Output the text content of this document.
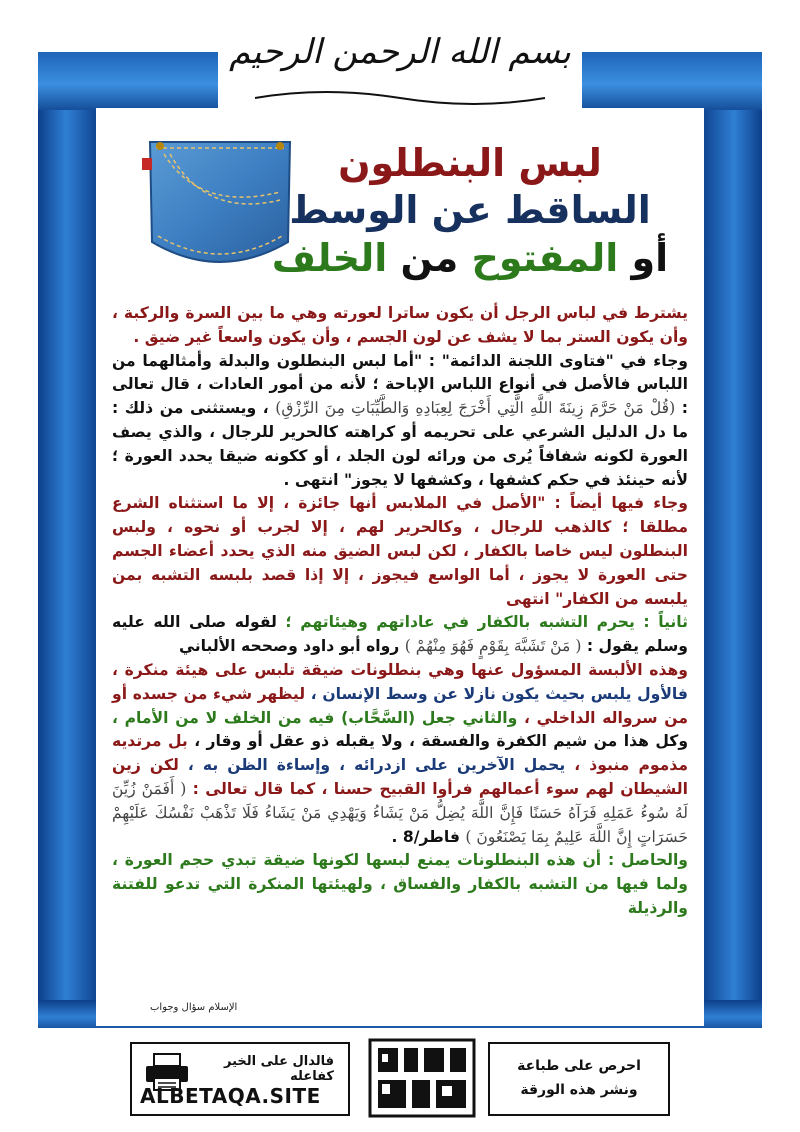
بسم الله الرحمن الرحيم
لبس البنطلون
الساقط عن الوسط
أو المفتوح من الخلف

يشترط في لباس الرجل أن يكون ساترا لعورته وهي ما بين السرة والركبة ، وأن يكون الستر بما لا يشف عن لون الجسم ، وأن يكون واسعاً غير ضيق .

وجاء في "فتاوى اللجنة الدائمة" : "أما لبس البنطلون والبدلة وأمثالهما من اللباس فالأصل في أنواع اللباس الإباحة ؛ لأنه من أمور العادات ، قال تعالى : (قُلْ مَنْ حَرَّمَ زِينَةَ اللَّهِ الَّتِي أَخْرَجَ لِعِبَادِهِ وَالطَّيِّبَاتِ مِنَ الرِّزْقِ) ، ويستثنى من ذلك : ما دل الدليل الشرعي على تحريمه أو كراهته كالحرير للرجال ، والذي يصف العورة لكونه شفافاً يُرى من ورائه لون الجلد ، أو ككونه ضيقا يحدد العورة ؛ لأنه حينئذ في حكم كشفها ، وكشفها لا يجوز" انتهى .

وجاء فيها أيضاً : "الأصل في الملابس أنها جائزة ، إلا ما استثناه الشرع مطلقا ؛ كالذهب للرجال ، وكالحرير لهم ، إلا لجرب أو نحوه ، ولبس البنطلون ليس خاصا بالكفار ، لكن لبس الضيق منه الذي يحدد أعضاء الجسم حتى العورة لا يجوز ، أما الواسع فيجوز ، إلا إذا قصد بلبسه التشبه بمن يلبسه من الكفار" انتهى

ثانياً : يحرم التشبه بالكفار في عاداتهم وهيئاتهم ؛ لقوله صلى الله عليه وسلم يقول : ( مَنْ تَشَبَّهَ بِقَوْمٍ فَهُوَ مِنْهُمْ ) رواه أبو داود وصححه الألباني

وهذه الألبسة المسؤول عنها وهي بنطلونات ضيقة تلبس على هيئة منكرة ، فالأول يلبس بحيث يكون نازلا عن وسط الإنسان ، ليظهر شيء من جسده أو من سرواله الداخلي ، والثاني جعل (السَّحَّاب) فيه من الخلف لا من الأمام ، وكل هذا من شيم الكفرة والفسقة ، ولا يقبله ذو عقل أو وقار ، بل مرتديه مذموم منبوذ ، يحمل الآخرين على ازدرائه ، وإساءة الظن به ، لكن زين الشيطان لهم سوء أعمالهم فرأوا القبيح حسنا ، كما قال تعالى : ( أَفَمَنْ زُيِّنَ لَهُ سُوءُ عَمَلِهِ فَرَآهُ حَسَنًا فَإِنَّ اللَّهَ يُضِلُّ مَنْ يَشَاءُ وَيَهْدِي مَنْ يَشَاءُ فَلَا تَذْهَبْ نَفْسُكَ عَلَيْهِمْ حَسَرَاتٍ إِنَّ اللَّهَ عَلِيمٌ بِمَا يَصْنَعُونَ ) فاطر/8 .

والحاصل : أن هذه البنطلونات يمنع لبسها لكونها ضيقة تبدي حجم العورة ، ولما فيها من التشبه بالكفار والفساق ، ولهيئتها المنكرة التي تدعو للفتنة والرذيلة

الإسلام سؤال وجواب
فالدال على الخير كفاعله
ALBETAQA.SITE
احرص على طباعة
ونشر هذه الورقة
